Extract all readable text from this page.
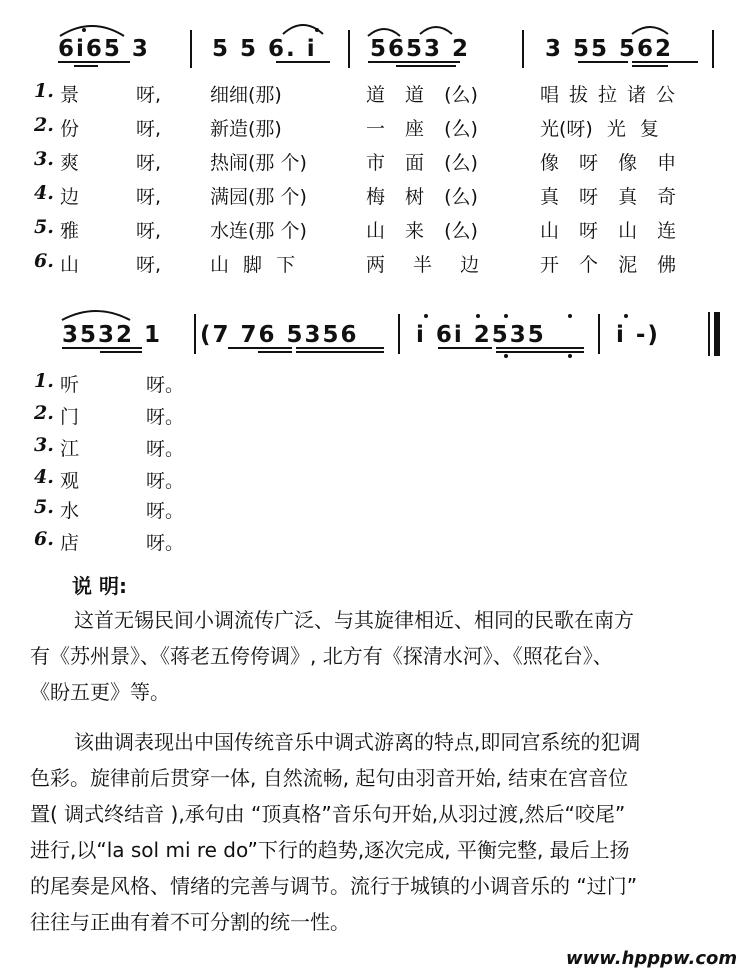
6i65 3	5 5 6. i 5653 2	3 55 562
1. 景	呀,	细细(那)	道 道 (么)	唱拔拉诸公
2. 份	呀,	新造(那)	一 座 (么)	光(呀) 光 复
3. 爽	呀,	热闹(那 个)	市 面 (么)	像 呀 像 申
4. 边	呀,	满园(那 个)	梅 树 (么)	真 呀 真 奇
5. 雅	呀,	水连(那 个)	山 来 (么)	山 呀 山 连
6. 山	呀,	山 脚 下	两 半 边	开 个 泥 佛
3532 1 (7 76 5356 i 6i 2535	i -)
1. 听	呀。
2. 门	呀。
3. 江	呀。
4. 观	呀。
5. 水	呀。
6. 店	呀。
说 明:
这首无锡民间小调流传广泛、与其旋律相近、相同的民歌在南方
有《苏州景》、《蒋老五侉侉调》, 北方有《探清水河》、《照花台》、
《盼五更》等。
该曲调表现出中国传统音乐中调式游离的特点,即同宫系统的犯调
色彩。旋律前后贯穿一体, 自然流畅, 起句由羽音开始, 结束在宫音位
置( 调式终结音 ),承句由 “顶真格”音乐句开始,从羽过渡,然后“咬尾”
进行,以“la sol mi re do”下行的趋势,逐次完成, 平衡完整, 最后上扬
的尾奏是风格、情绪的完善与调节。流行于城镇的小调音乐的 “过门”
往往与正曲有着不可分割的统一性。
www.hpppw.com
